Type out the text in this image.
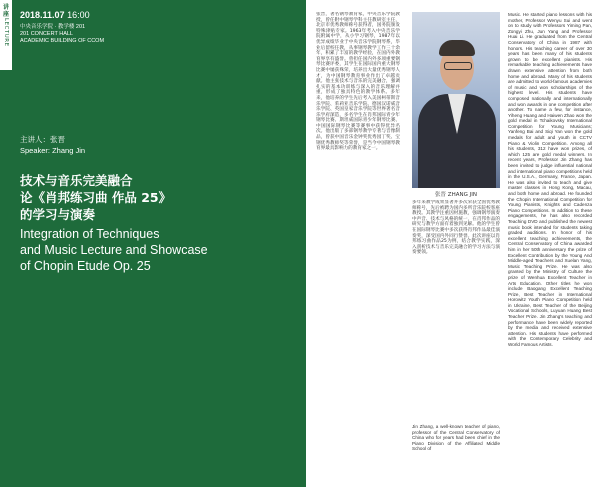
讲座
LECTURE
2018.11.07 16:00
中央音乐学院 · 教学楼 201
201 CONCERT HALL
ACADEMIC BUILDING OF CCOM
主讲人：张晋
Speaker: Zhang Jin
技术与音乐完美融合
论《肖邦练习曲 作品 25》
的学习与演奏
Integration of Techniques
and Music Lecture and Showcase
of Chopin Etude Op. 25
张晋，著名钢琴教育家，中央音乐学院教授，曾任附中钢琴学科主任教研室主任，北京市优秀教师称号获得者，国务院颁发特殊津贴专家。1963年考入中央音乐学院附属中学，从小学习钢琴，1987年以优异成绩毕业于中央音乐学院钢琴系，毕业后留校任教，从事钢琴教学工作三十余年，积累了丰富的教学经验，在国内外教育界享有盛誉。曾担任国内外多项重要钢琴比赛评委，其学生在国际国内重大钢琴比赛中屡获殊荣，培养出大量优秀钢琴人才，为中国钢琴教育事业作出了卓越贡献。他主张技术与音乐的完美融合，强调扎实的基本功训练与深入的音乐理解并重，形成了独具特色的教学体系。多年来，他培养的学生先后考入美国柯蒂斯音乐学院、茱莉亚音乐学院、德国汉诺威音乐学院、英国皇家音乐学院等世界著名音乐学府深造，多名学生在肖邦国际青少年钢琴比赛、斯坦威国际青少年钢琴比赛、中国国际钢琴比赛等赛事中获得优异名次。他出版了多部钢琴教学专著与音像制品，曾获中国音乐金钟奖优秀园丁奖、宝钢优秀教师奖等荣誉，是当今中国钢琴教育界最具影响力的教育家之一。
张晋 ZHANG JIN
多年来教学成果显著并多次荣获全国优秀教师称号，先后被聘为国内多所音乐院校客座教授。其教学注重因材施教，强调钢琴演奏中声音、技术与风格的统一，在肖邦作品的研究与教学方面有着独到见解。他的学生曾在国际钢琴比赛中多次获得肖邦作品最佳演奏奖，深受国内外同行赞誉。此次讲座以肖邦练习曲作品25为例，结合教学实践，深入剖析技术与音乐完美融合的学习方法与演奏要领。
Jin Zhang, a well-known teacher of piano, professor of the Central Conservatory of China who for years had been chief in the Piano Division of the Affiliated Middle School of
Music. He started piano lessons with his mother, Professor Wenyu Sui and went on to study with Professors Yiming Pan, Zongyi Zhu, Jun Yang and Professor Huai Li. He graduated from the Central Conservatory of China in 1987 with honors. His teaching career of over 30 years has been many of his students grown to be excellent pianists. His remarkable teaching achievements have drawn extensive attention from both home and abroad. Many of his students are admitted to world-famous academies of music and won scholarships of the highest level. His students have composed nationally and internationally and won awards in one competition after another. To name a few, for instance, Yiheng Huang and Haiwen Zhao won the gold medal in Tchaikovsky International Competition for Young Musicians; Yanfeng Bai and Siqi Yan won the gold medals for adult and youth in CCTV Piano & Violin Competition. Among all his students, 312 have won prizes, of which 125 are gold medal winners. In recent years, Professor Jin Zhang has been invited to judge influential national and international piano competitions held in the U.S.A., Germany, France, Japan. He was also invited to teach and give master classes in Hong Kong, Macau, and both home and abroad. He founded the Chopin International Competition for Young Pianists, Knights and Cadenza Piano Competitions. In addition to these engagements, he has also recorded Teaching DVD and published the newest music book intended for students taking graded auditions. In honor of his excellent teaching achievements, the Central Conservatory of China awarded him in her 50th anniversary the prize of Excellent Contribution by the Young And Middle-aged Teachers and Xuelan Yang, Music Teaching Prize. He was also granted by the Ministry of Culture the prize of Wenhua Excellent Teacher in Arts Education. Other titles he won include Baogang Excellent Teaching Prize, Best Teacher in International Horowitz Youth Piano Competition held in Ukraine, Best Teacher of the Beijing Vocational Schools, Luyuan Huang Best Teacher Prize. Jin Zhang's teaching and performance have been widely reported by the media and received extensive attention. His students have performed with the Contemporary Celebrity and World Famous Artists.
